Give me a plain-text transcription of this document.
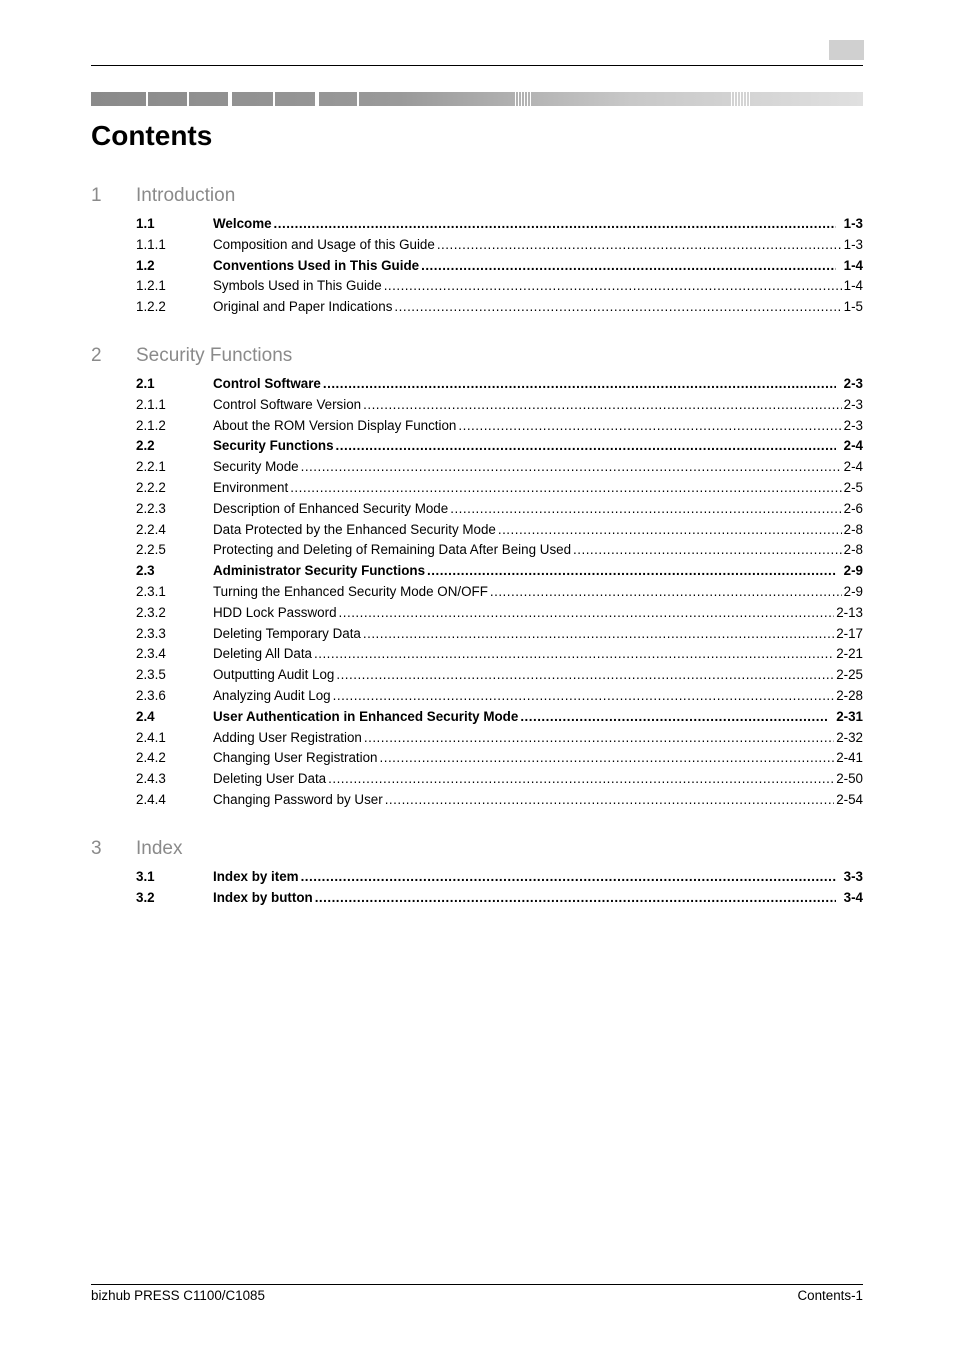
Contents
1	Introduction
1.1	Welcome .....	1-3
1.1.1	Composition and Usage of this Guide .....	1-3
1.2	Conventions Used in This Guide .....	1-4
1.2.1	Symbols Used in This Guide .....	1-4
1.2.2	Original and Paper Indications .....	1-5
2	Security Functions
2.1	Control Software .....	2-3
2.1.1	Control Software Version .....	2-3
2.1.2	About the ROM Version Display Function .....	2-3
2.2	Security Functions .....	2-4
2.2.1	Security Mode .....	2-4
2.2.2	Environment .....	2-5
2.2.3	Description of Enhanced Security Mode .....	2-6
2.2.4	Data Protected by the Enhanced Security Mode .....	2-8
2.2.5	Protecting and Deleting of Remaining Data After Being Used .....	2-8
2.3	Administrator Security Functions .....	2-9
2.3.1	Turning the Enhanced Security Mode ON/OFF .....	2-9
2.3.2	HDD Lock Password .....	2-13
2.3.3	Deleting Temporary Data .....	2-17
2.3.4	Deleting All Data .....	2-21
2.3.5	Outputting Audit Log .....	2-25
2.3.6	Analyzing Audit Log .....	2-28
2.4	User Authentication in Enhanced Security Mode .....	2-31
2.4.1	Adding User Registration .....	2-32
2.4.2	Changing User Registration .....	2-41
2.4.3	Deleting User Data .....	2-50
2.4.4	Changing Password by User .....	2-54
3	Index
3.1	Index by item .....	3-3
3.2	Index by button .....	3-4
bizhub PRESS C1100/C1085	Contents-1
